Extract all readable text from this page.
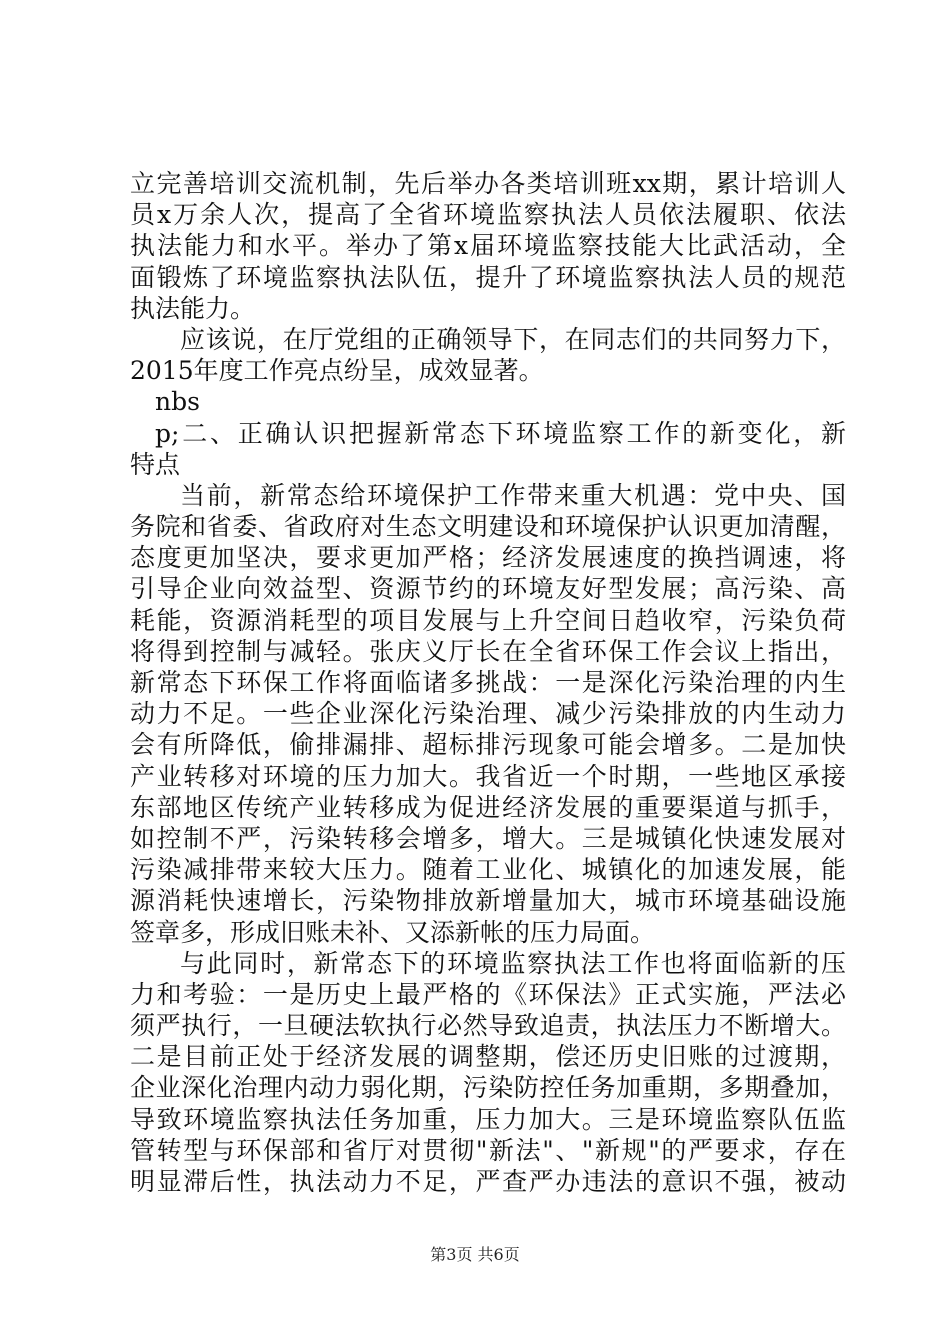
立完善培训交流机制，先后举办各类培训班xx期，累计培训人
员x万余人次，提高了全省环境监察执法人员依法履职、依法
执法能力和水平。举办了第x届环境监察技能大比武活动，全
面锻炼了环境监察执法队伍，提升了环境监察执法人员的规范
执法能力。
应该说，在厅党组的正确领导下，在同志们的共同努力下，
2015年度工作亮点纷呈，成效显著。
nbs
p;二、正确认识把握新常态下环境监察工作的新变化，新
特点
当前，新常态给环境保护工作带来重大机遇：党中央、国
务院和省委、省政府对生态文明建设和环境保护认识更加清醒，
态度更加坚决，要求更加严格；经济发展速度的换挡调速，将
引导企业向效益型、资源节约的环境友好型发展；高污染、高
耗能，资源消耗型的项目发展与上升空间日趋收窄，污染负荷
将得到控制与减轻。张庆义厅长在全省环保工作会议上指出，
新常态下环保工作将面临诸多挑战：一是深化污染治理的内生
动力不足。一些企业深化污染治理、减少污染排放的内生动力
会有所降低，偷排漏排、超标排污现象可能会增多。二是加快
产业转移对环境的压力加大。我省近一个时期，一些地区承接
东部地区传统产业转移成为促进经济发展的重要渠道与抓手，
如控制不严，污染转移会增多，增大。三是城镇化快速发展对
污染减排带来较大压力。随着工业化、城镇化的加速发展，能
源消耗快速增长，污染物排放新增量加大，城市环境基础设施
签章多，形成旧账未补、又添新帐的压力局面。
与此同时，新常态下的环境监察执法工作也将面临新的压
力和考验：一是历史上最严格的《环保法》正式实施，严法必
须严执行，一旦硬法软执行必然导致追责，执法压力不断增大。
二是目前正处于经济发展的调整期，偿还历史旧账的过渡期，
企业深化治理内动力弱化期，污染防控任务加重期，多期叠加，
导致环境监察执法任务加重，压力加大。三是环境监察队伍监
管转型与环保部和省厅对贯彻"新法"、"新规"的严要求，存在
明显滞后性，执法动力不足，严查严办违法的意识不强，被动
第3页 共6页
